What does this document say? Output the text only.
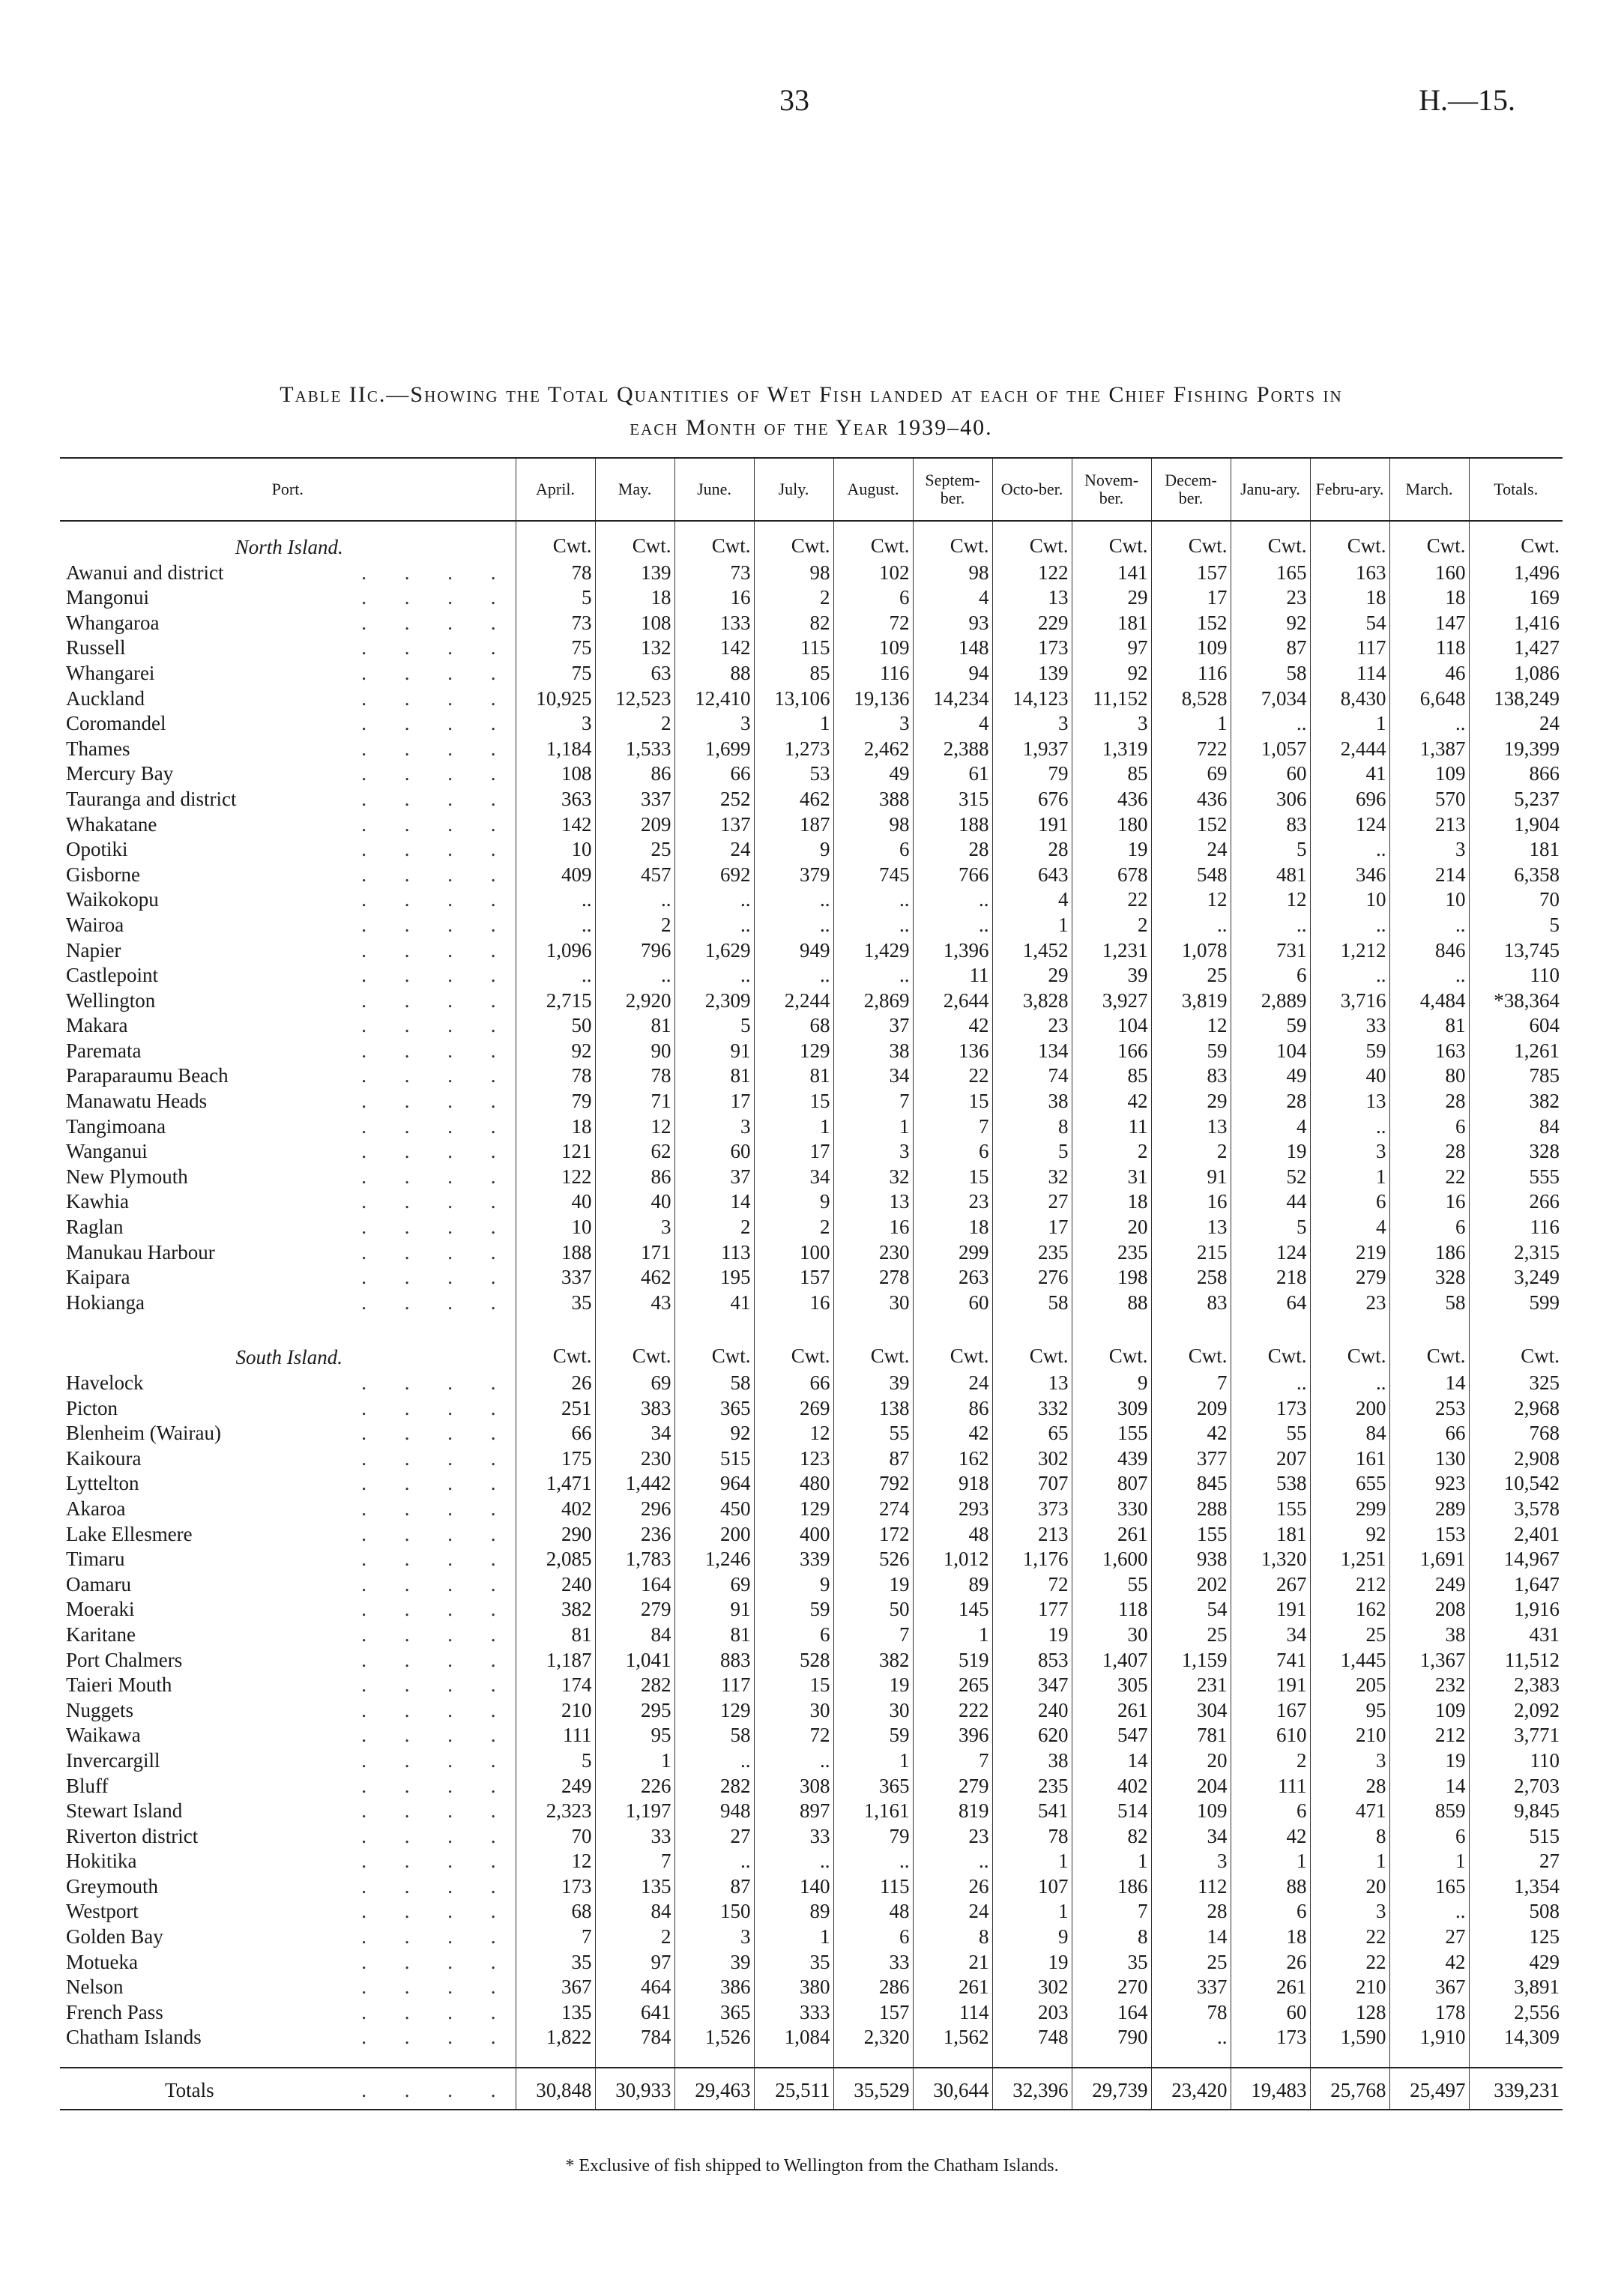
33	H.—15.
Table IIc.—Showing the Total Quantities of Wet Fish landed at each of the Chief Fishing Ports in
each Month of the Year 1939–40.
Port.	April.	May.	June.	July.	August.	Septem-ber.	Octo-ber.	Novem-ber.	Decem-ber.	Janu-ary.	Febru-ary.	March.	Totals.
North Island.	Cwt.	Cwt.	Cwt.	Cwt.	Cwt.	Cwt.	Cwt.	Cwt.	Cwt.	Cwt.	Cwt.	Cwt.	Cwt.

. . . .
Awanui and district	78	139	73	98	102	98	122	141	157	165	163	160	1,496

. . . .
Mangonui	5	18	16	2	6	4	13	29	17	23	18	18	169

. . . .
Whangaroa	73	108	133	82	72	93	229	181	152	92	54	147	1,416

. . . .
Russell	75	132	142	115	109	148	173	97	109	87	117	118	1,427

. . . .
Whangarei	75	63	88	85	116	94	139	92	116	58	114	46	1,086

. . . .
Auckland	10,925	12,523	12,410	13,106	19,136	14,234	14,123	11,152	8,528	7,034	8,430	6,648	138,249

. . . .
Coromandel	3	2	3	1	3	4	3	3	1	..	1	..	24

. . . .
Thames	1,184	1,533	1,699	1,273	2,462	2,388	1,937	1,319	722	1,057	2,444	1,387	19,399

. . . .
Mercury Bay	108	86	66	53	49	61	79	85	69	60	41	109	866

. . . .
Tauranga and district	363	337	252	462	388	315	676	436	436	306	696	570	5,237

. . . .
Whakatane	142	209	137	187	98	188	191	180	152	83	124	213	1,904

. . . .
Opotiki	10	25	24	9	6	28	28	19	24	5	..	3	181

. . . .
Gisborne	409	457	692	379	745	766	643	678	548	481	346	214	6,358

. . . .
Waikokopu	..	..	..	..	..	..	4	22	12	12	10	10	70

. . . .
Wairoa	..	2	..	..	..	..	1	2	..	..	..	..	5

. . . .
Napier	1,096	796	1,629	949	1,429	1,396	1,452	1,231	1,078	731	1,212	846	13,745

. . . .
Castlepoint	..	..	..	..	..	11	29	39	25	6	..	..	110

. . . .
Wellington	2,715	2,920	2,309	2,244	2,869	2,644	3,828	3,927	3,819	2,889	3,716	4,484	*38,364

. . . .
Makara	50	81	5	68	37	42	23	104	12	59	33	81	604

. . . .
Paremata	92	90	91	129	38	136	134	166	59	104	59	163	1,261

. . . .
Paraparaumu Beach	78	78	81	81	34	22	74	85	83	49	40	80	785

. . . .
Manawatu Heads	79	71	17	15	7	15	38	42	29	28	13	28	382

. . . .
Tangimoana	18	12	3	1	1	7	8	11	13	4	..	6	84

. . . .
Wanganui	121	62	60	17	3	6	5	2	2	19	3	28	328

. . . .
New Plymouth	122	86	37	34	32	15	32	31	91	52	1	22	555

. . . .
Kawhia	40	40	14	9	13	23	27	18	16	44	6	16	266

. . . .
Raglan	10	3	2	2	16	18	17	20	13	5	4	6	116

. . . .
Manukau Harbour	188	171	113	100	230	299	235	235	215	124	219	186	2,315

. . . .
Kaipara	337	462	195	157	278	263	276	198	258	218	279	328	3,249

. . . .
Hokianga	35	43	41	16	30	60	58	88	83	64	23	58	599

South Island.	Cwt.	Cwt.	Cwt.	Cwt.	Cwt.	Cwt.	Cwt.	Cwt.	Cwt.	Cwt.	Cwt.	Cwt.	Cwt.

. . . .
Havelock	26	69	58	66	39	24	13	9	7	..	..	14	325

. . . .
Picton	251	383	365	269	138	86	332	309	209	173	200	253	2,968

. . . .
Blenheim (Wairau)	66	34	92	12	55	42	65	155	42	55	84	66	768

. . . .
Kaikoura	175	230	515	123	87	162	302	439	377	207	161	130	2,908

. . . .
Lyttelton	1,471	1,442	964	480	792	918	707	807	845	538	655	923	10,542

. . . .
Akaroa	402	296	450	129	274	293	373	330	288	155	299	289	3,578

. . . .
Lake Ellesmere	290	236	200	400	172	48	213	261	155	181	92	153	2,401

. . . .
Timaru	2,085	1,783	1,246	339	526	1,012	1,176	1,600	938	1,320	1,251	1,691	14,967

. . . .
Oamaru	240	164	69	9	19	89	72	55	202	267	212	249	1,647

. . . .
Moeraki	382	279	91	59	50	145	177	118	54	191	162	208	1,916

. . . .
Karitane	81	84	81	6	7	1	19	30	25	34	25	38	431

. . . .
Port Chalmers	1,187	1,041	883	528	382	519	853	1,407	1,159	741	1,445	1,367	11,512

. . . .
Taieri Mouth	174	282	117	15	19	265	347	305	231	191	205	232	2,383

. . . .
Nuggets	210	295	129	30	30	222	240	261	304	167	95	109	2,092

. . . .
Waikawa	111	95	58	72	59	396	620	547	781	610	210	212	3,771

. . . .
Invercargill	5	1	..	..	1	7	38	14	20	2	3	19	110

. . . .
Bluff	249	226	282	308	365	279	235	402	204	111	28	14	2,703

. . . .
Stewart Island	2,323	1,197	948	897	1,161	819	541	514	109	6	471	859	9,845

. . . .
Riverton district	70	33	27	33	79	23	78	82	34	42	8	6	515

. . . .
Hokitika	12	7	..	..	..	..	1	1	3	1	1	1	27

. . . .
Greymouth	173	135	87	140	115	26	107	186	112	88	20	165	1,354

. . . .
Westport	68	84	150	89	48	24	1	7	28	6	3	..	508

. . . .
Golden Bay	7	2	3	1	6	8	9	8	14	18	22	27	125

. . . .
Motueka	35	97	39	35	33	21	19	35	25	26	22	42	429

. . . .
Nelson	367	464	386	380	286	261	302	270	337	261	210	367	3,891

. . . .
French Pass	135	641	365	333	157	114	203	164	78	60	128	178	2,556

. . . .
Chatham Islands	1,822	784	1,526	1,084	2,320	1,562	748	790	..	173	1,590	1,910	14,309

. . . .
Totals	30,848	30,933	29,463	25,511	35,529	30,644	32,396	29,739	23,420	19,483	25,768	25,497	339,231
* Exclusive of fish shipped to Wellington from the Chatham Islands.
